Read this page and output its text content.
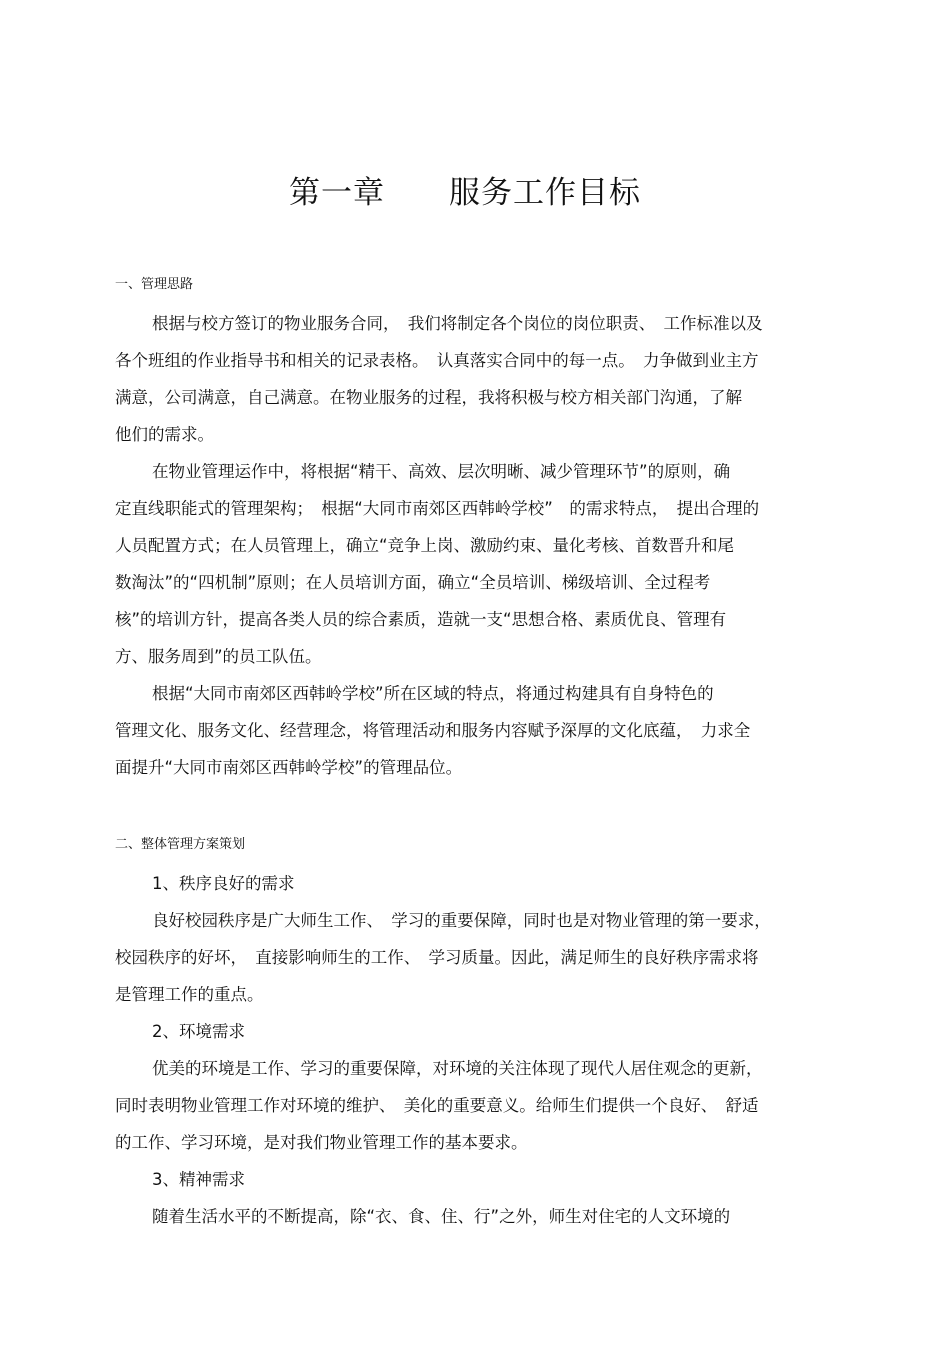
第一章　　服务工作目标
一、管理思路
根据与校方签订的物业服务合同，　我们将制定各个岗位的岗位职责、　工作标准以及
各个班组的作业指导书和相关的记录表格。　认真落实合同中的每一点。　力争做到业主方
满意，公司满意，自己满意。在物业服务的过程，我将积极与校方相关部门沟通，了解
他们的需求。
在物业管理运作中，将根据“精干、高效、层次明晰、减少管理环节”的原则，确
定直线职能式的管理架构；　根据“大同市南郊区西韩岭学校”　的需求特点，　提出合理的
人员配置方式；在人员管理上，确立“竞争上岗、激励约束、量化考核、首数晋升和尾
数淘汰”的“四机制”原则；在人员培训方面，确立“全员培训、梯级培训、全过程考
核”的培训方针，提高各类人员的综合素质，造就一支“思想合格、素质优良、管理有
方、服务周到”的员工队伍。
根据“大同市南郊区西韩岭学校”所在区域的特点，将通过构建具有自身特色的
管理文化、服务文化、经营理念，将管理活动和服务内容赋予深厚的文化底蕴，　力求全
面提升“大同市南郊区西韩岭学校”的管理品位。
二、整体管理方案策划
1、秩序良好的需求
良好校园秩序是广大师生工作、　学习的重要保障，同时也是对物业管理的第一要求，
校园秩序的好坏，　直接影响师生的工作、　学习质量。因此，满足师生的良好秩序需求将
是管理工作的重点。
2、环境需求
优美的环境是工作、学习的重要保障，对环境的关注体现了现代人居住观念的更新，
同时表明物业管理工作对环境的维护、　美化的重要意义。给师生们提供一个良好、　舒适
的工作、学习环境，是对我们物业管理工作的基本要求。
3、精神需求
随着生活水平的不断提高，除“衣、食、住、行”之外，师生对住宅的人文环境的
